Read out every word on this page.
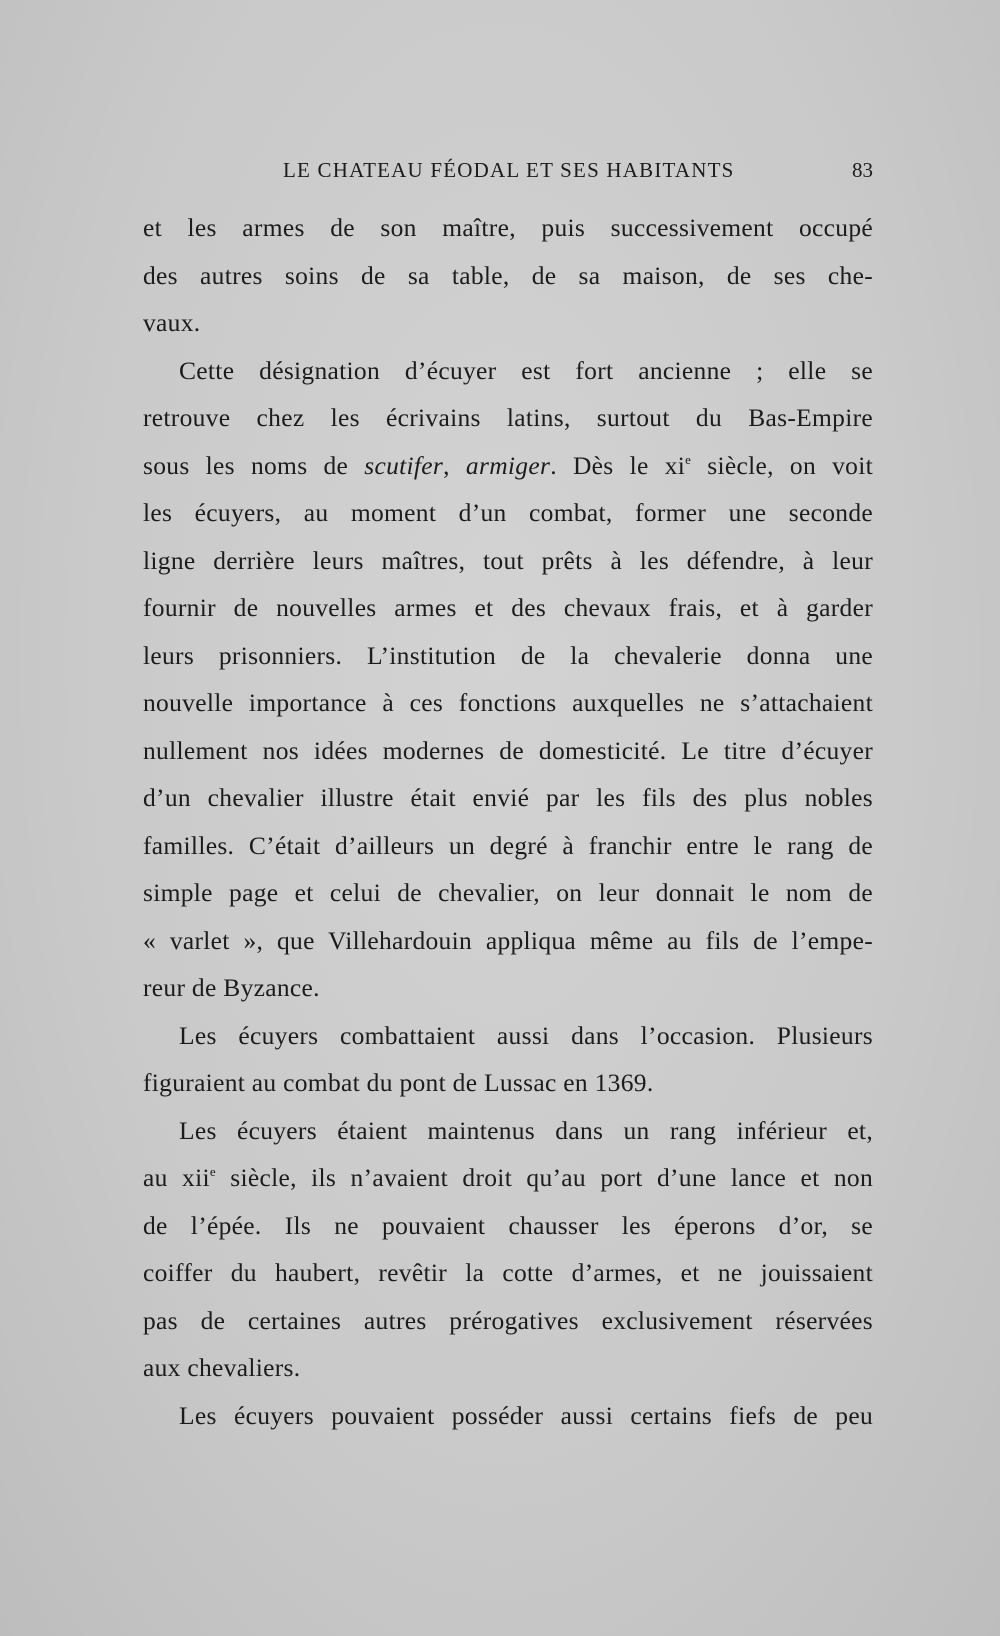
LE CHATEAU FÉODAL ET SES HABITANTS	83
et les armes de son maître, puis successivement occupé
des autres soins de sa table, de sa maison, de ses che-
vaux.
Cette désignation d’écuyer est fort ancienne ; elle se
retrouve chez les écrivains latins, surtout du Bas-Empire
sous les noms de scutifer, armiger. Dès le $xi^e$ siècle, on voit
les écuyers, au moment d’un combat, former une seconde
ligne derrière leurs maîtres, tout prêts à les défendre, à leur
fournir de nouvelles armes et des chevaux frais, et à garder
leurs prisonniers. L’institution de la chevalerie donna une
nouvelle importance à ces fonctions auxquelles ne s’attachaient
nullement nos idées modernes de domesticité. Le titre d’écuyer
d’un chevalier illustre était envié par les fils des plus nobles
familles. C’était d’ailleurs un degré à franchir entre le rang de
simple page et celui de chevalier, on leur donnait le nom de
« varlet », que Villehardouin appliqua même au fils de l’empe-
reur de Byzance.
Les écuyers combattaient aussi dans l’occasion. Plusieurs
figuraient au combat du pont de Lussac en 1369.
Les écuyers étaient maintenus dans un rang inférieur et,
au xii$^e$ siècle, ils n’avaient droit qu’au port d’une lance et non
de l’épée. Ils ne pouvaient chausser les éperons d’or, se
coiffer du haubert, revêtir la cotte d’armes, et ne jouissaient
pas de certaines autres prérogatives exclusivement réservées
aux chevaliers.
Les écuyers pouvaient posséder aussi certains fiefs de peu
